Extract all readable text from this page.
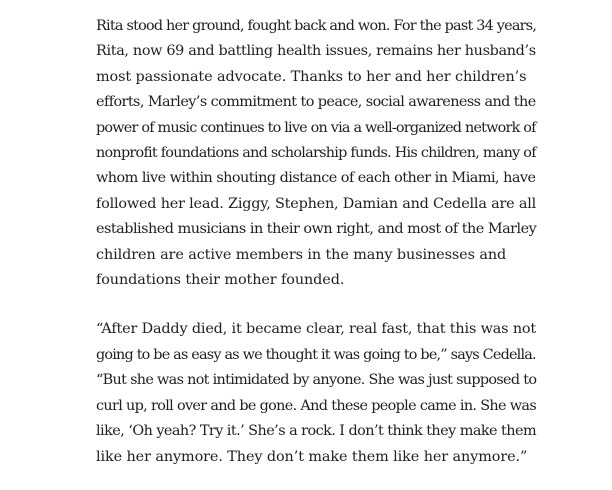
Rita stood her ground, fought back and won. For the past 34 years,
Rita, now 69 and battling health issues, remains her husband’s
most passionate advocate. Thanks to her and her children’s
efforts, Marley’s commitment to peace, social awareness and the
power of music continues to live on via a well-organized network of
nonprofit foundations and scholarship funds. His children, many of
whom live within shouting distance of each other in Miami, have
followed her lead. Ziggy, Stephen, Damian and Cedella are all
established musicians in their own right, and most of the Marley
children are active members in the many businesses and
foundations their mother founded.

“After Daddy died, it became clear, real fast, that this was not
going to be as easy as we thought it was going to be,” says Cedella.
“But she was not intimidated by anyone. She was just supposed to
curl up, roll over and be gone. And these people came in. She was
like, ‘Oh yeah? Try it.’ She’s a rock. I don’t think they make them
like her anymore. They don’t make them like her anymore.”
